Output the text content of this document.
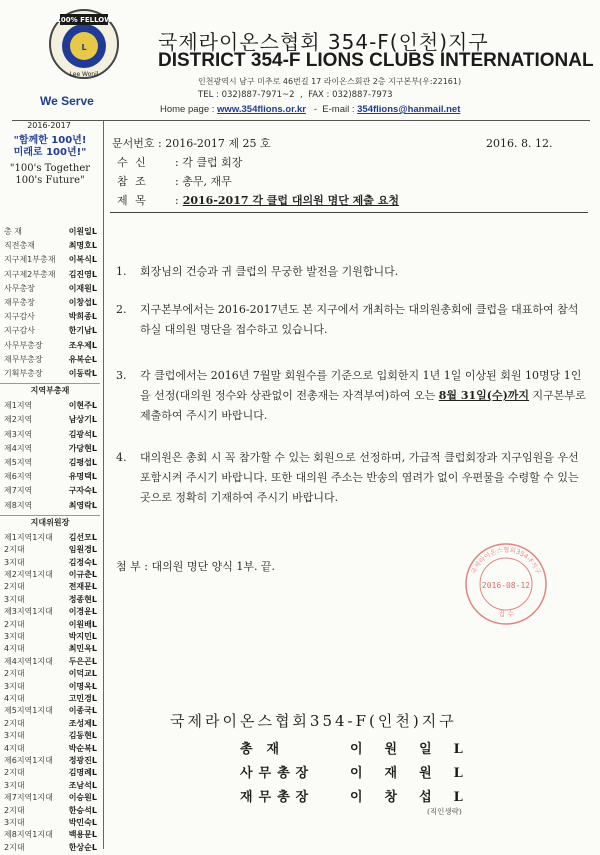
L
100% FELLOW
Lee Wonil
We Serve
국제라이온스협회 354-F(인천)지구
DISTRICT 354-F LIONS CLUBS INTERNATIONAL
인천광역시 남구 미추로 46번길 17 라이온스회관 2층 지구본부(우:22161)
TEL : 032)887-7971~2  ,  FAX : 032)887-7973
Home page : www.354flions.or.kr   -  E-mail : 354flions@hanmail.net
2016-2017
"함께한 100년!
미래로 100년!"
"100's Together
100's Future"
총 재	이원일L
직전총재	최명호L
지구제1부총재 이복식L
지구제2부총재 김진영L
사무총장	이재원L
재무총장	이창섭L
지구감사	박희종L
지구감사	한기남L
사무부총장	조우제L
재무부총장	유복순L
기획부총장	이동락L
지역부총재
제1지역	이현주L
제2지역	남상기L
제3지역	김광석L
제4지역	가당현L
제5지역	김평섭L
제6지역	유명택L
제7지역	구자숙L
제8지역	최영락L
지대위원장
제1지역1지대 김선모L
2지대	임원경L
3지대	김정숙L
제2지역1지대 이규춘L
2지대	전재문L
3지대	정종현L
제3지역1지대 이경운L
2지대	이원배L
3지대	박지민L
4지대	최민옥L
제4지역1지대 두은곤L
2지대	이덕교L
3지대	이명옥L
4지대	고민경L
제5지역1지대 이종국L
2지대	조성제L
3지대	김동현L
4지대	박순복L
제6지역1지대 정광진L
2지대	김명례L
3지대	조남석L
제7지역1지대 이승원L
2지대	한승석L
3지대	박민숙L
제8지역1지대 백용문L
2지대	한상순L
문서번호 : 2016-2017 제 25 호	2016. 8. 12.
수 신 : 각 클럽 회장
참 조 : 총무, 재무
제 목 : 2016-2017 각 클럽 대의원 명단 제출 요청
1.	회장님의 건승과 귀 클럽의 무궁한 발전을 기원합니다.
2.	지구본부에서는 2016-2017년도 본 지구에서 개최하는 대의원총회에 클럽을 대표하여 참석하실 대의원 명단을 접수하고 있습니다.
3.	각 클럽에서는 2016년 7월말 회원수를 기준으로 입회한지 1년 1일 이상된 회원 10명당 1인을 선정(대의원 정수와 상관없이 전총재는 자격부여)하여 오는 8월 31일(수)까지 지구본부로 제출하여 주시기 바랍니다.
4.	대의원은 총회 시 꼭 참가할 수 있는 회원으로 선정하며, 가급적 클럽회장과 지구임원을 우선 포함시켜 주시기 바랍니다. 또한 대의원 주소는 반송의 염려가 없이 우편물을 수령할 수 있는 곳으로 정확히 기재하여 주시기 바랍니다.
첨 부 : 대의원 명단 양식 1부. 끝.	국제라이온스협회354-F지구
2016-08-12
접 수
국제라이온스협회354-F(인천)지구
총재	이원일L
사무총장	이재원L
재무총장	이창섭L
(직인생략)
